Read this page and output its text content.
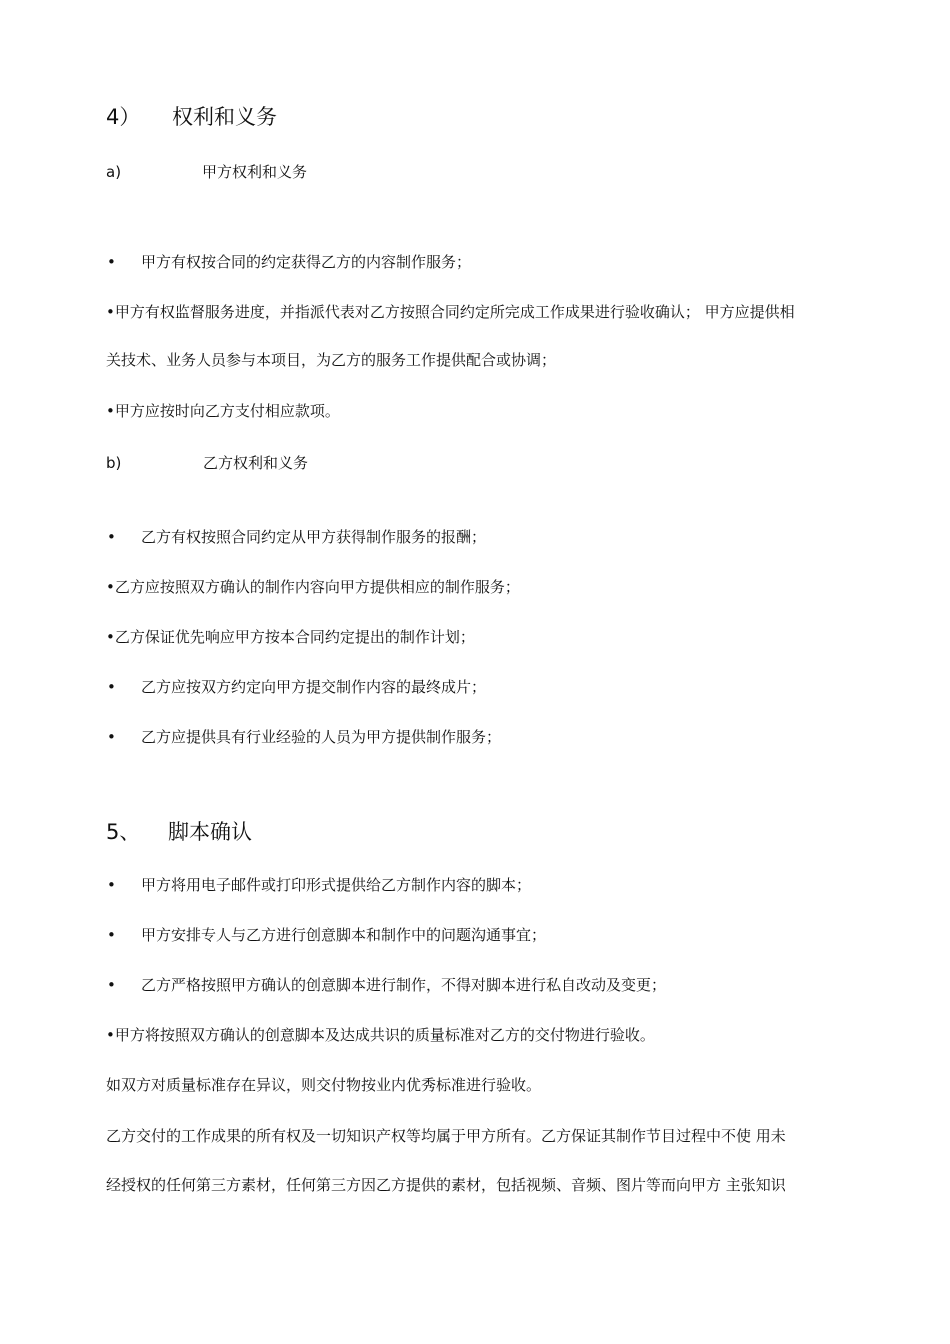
4） 权利和义务
a)	甲方权利和义务
• 甲方有权按合同的约定获得乙方的内容制作服务；
•甲方有权监督服务进度，并指派代表对乙方按照合同约定所完成工作成果进行验收确认； 甲方应提供相
关技术、业务人员参与本项目，为乙方的服务工作提供配合或协调；
•甲方应按时向乙方支付相应款项。
b)	乙方权利和义务
• 乙方有权按照合同约定从甲方获得制作服务的报酬；
•乙方应按照双方确认的制作内容向甲方提供相应的制作服务；
•乙方保证优先响应甲方按本合同约定提出的制作计划；
• 乙方应按双方约定向甲方提交制作内容的最终成片；
• 乙方应提供具有行业经验的人员为甲方提供制作服务；
5、 脚本确认
• 甲方将用电子邮件或打印形式提供给乙方制作内容的脚本；
• 甲方安排专人与乙方进行创意脚本和制作中的问题沟通事宜；
• 乙方严格按照甲方确认的创意脚本进行制作，不得对脚本进行私自改动及变更；
•甲方将按照双方确认的创意脚本及达成共识的质量标准对乙方的交付物进行验收。
如双方对质量标准存在异议，则交付物按业内优秀标准进行验收。
乙方交付的工作成果的所有权及一切知识产权等均属于甲方所有。乙方保证其制作节目过程中不使 用未
经授权的任何第三方素材，任何第三方因乙方提供的素材，包括视频、音频、图片等而向甲方 主张知识
